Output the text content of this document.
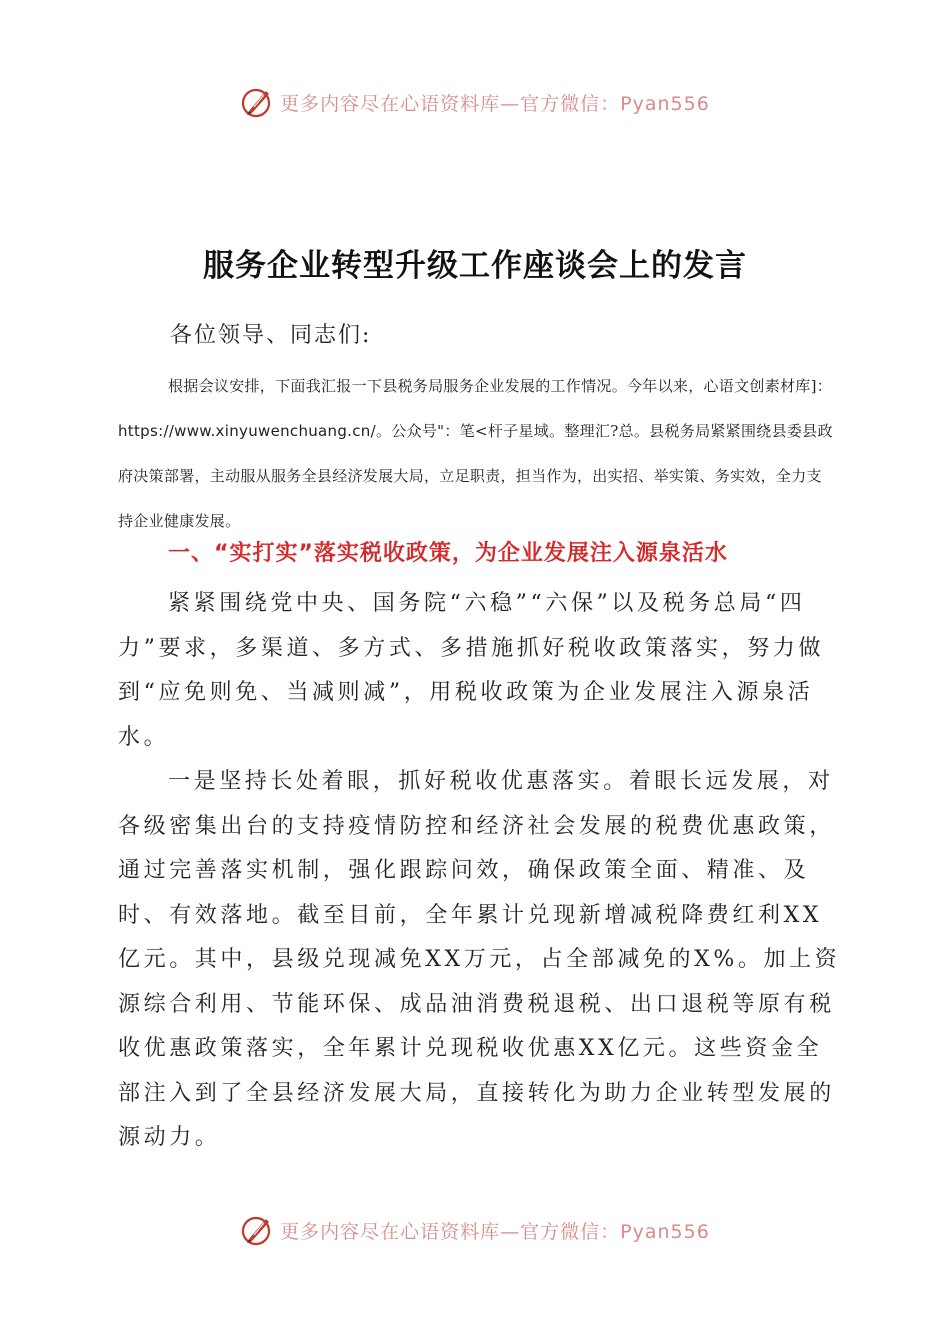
更多内容尽在心语资料库—官方微信：Pyan556
服务企业转型升级工作座谈会上的发言
各位领导、同志们:
根据会议安排，下面我汇报一下县税务局服务企业发展的工作情况。今年以来，心语文创素材库]：https://www.xinyuwenchuang.cn/。公众号"：笔<杆子星域。整理汇?总。县税务局紧紧围绕县委县政府决策部署，主动服从服务全县经济发展大局，立足职责，担当作为，出实招、举实策、务实效，全力支持企业健康发展。
一、“实打实”落实税收政策，为企业发展注入源泉活水
紧紧围绕党中央、国务院“六稳”“六保”以及税务总局“四力”要求，多渠道、多方式、多措施抓好税收政策落实，努力做到“应免则免、当减则减”，用税收政策为企业发展注入源泉活水。
一是坚持长处着眼，抓好税收优惠落实。着眼长远发展，对各级密集出台的支持疫情防控和经济社会发展的税费优惠政策，通过完善落实机制，强化跟踪问效，确保政策全面、精准、及时、有效落地。截至目前，全年累计兑现新增减税降费红利XX亿元。其中，县级兑现减免XX万元，占全部减免的X%。加上资源综合利用、节能环保、成品油消费税退税、出口退税等原有税收优惠政策落实，全年累计兑现税收优惠XX亿元。这些资金全部注入到了全县经济发展大局，直接转化为助力企业转型发展的源动力。
更多内容尽在心语资料库—官方微信：Pyan556
